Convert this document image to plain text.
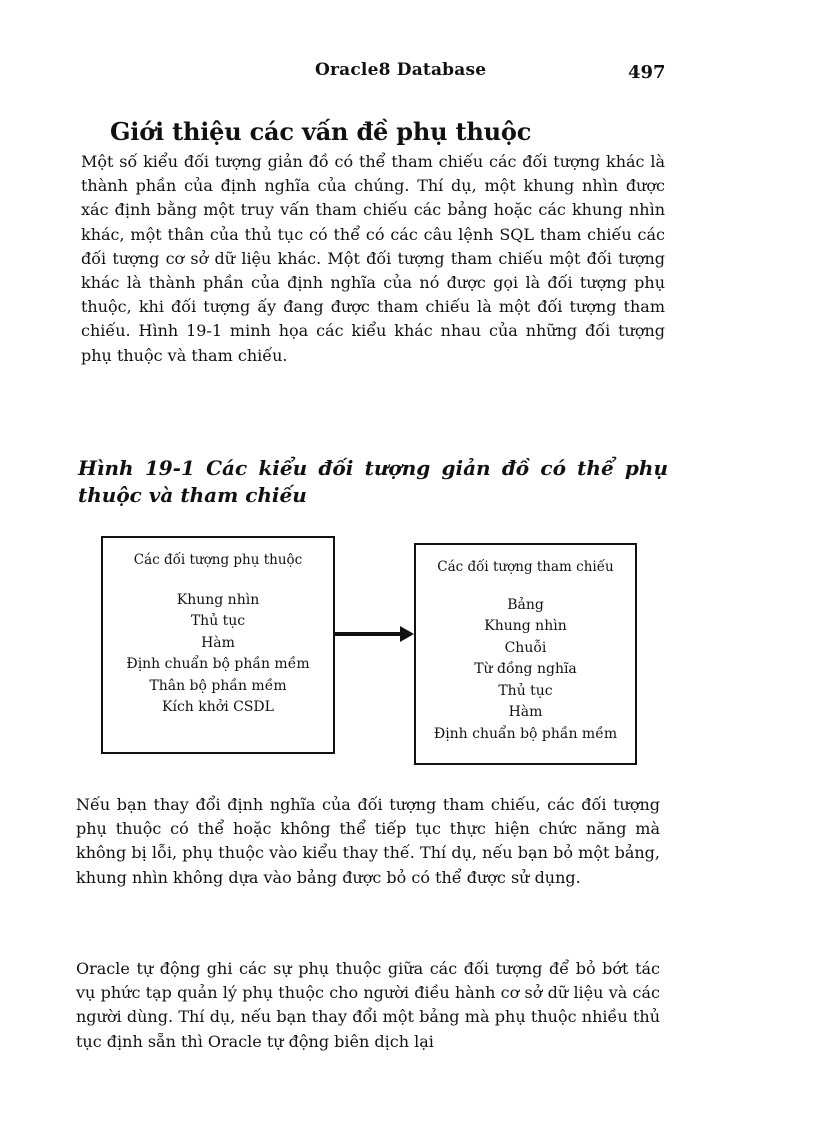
Oracle8 Database	497
Giới thiệu các vấn đề phụ thuộc

Một số kiểu đối tượng giản đồ có thể tham chiếu các đối tượng khác là thành phần của định nghĩa của chúng. Thí dụ, một khung nhìn được xác định bằng một truy vấn tham chiếu các bảng hoặc các khung nhìn khác, một thân của thủ tục có thể có các câu lệnh SQL tham chiếu các đối tượng cơ sở dữ liệu khác. Một đối tượng tham chiếu một đối tượng khác là thành phần của định nghĩa của nó được gọi là đối tượng phụ thuộc, khi đối tượng ấy đang được tham chiếu là một đối tượng tham chiếu. Hình 19-1 minh họa các kiểu khác nhau của những đối tượng phụ thuộc và tham chiếu.

Hình 19-1 Các kiểu đối tượng giản đồ có thể phụ thuộc và tham chiếu

Các đối tượng phụ thuộc
Khung nhìn
Thủ tục
Hàm
Định chuẩn bộ phần mềm
Thân bộ phần mềm
Kích khởi CSDL
Các đối tượng tham chiếu
Bảng
Khung nhìn
Chuỗi
Từ đồng nghĩa
Thủ tục
Hàm
Định chuẩn bộ phần mềm

Nếu bạn thay đổi định nghĩa của đối tượng tham chiếu, các đối tượng phụ thuộc có thể hoặc không thể tiếp tục thực hiện chức năng mà không bị lỗi, phụ thuộc vào kiểu thay thế. Thí dụ, nếu bạn bỏ một bảng, khung nhìn không dựa vào bảng được bỏ có thể được sử dụng.

Oracle tự động ghi các sự phụ thuộc giữa các đối tượng để bỏ bớt tác vụ phức tạp quản lý phụ thuộc cho người điều hành cơ sở dữ liệu và các người dùng. Thí dụ, nếu bạn thay đổi một bảng mà phụ thuộc nhiều thủ tục định sẵn thì Oracle tự động biên dịch lại
